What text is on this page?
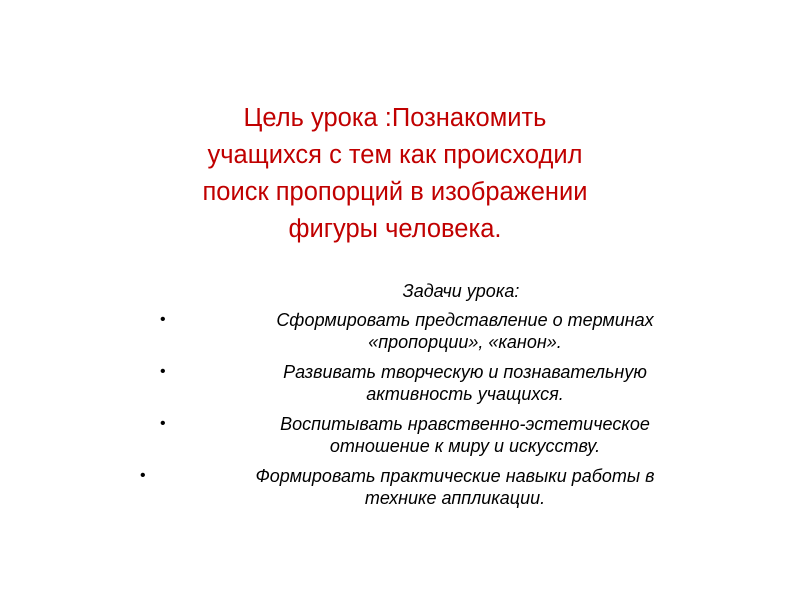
Цель урока :Познакомить
учащихся с тем как происходил
поиск пропорций в изображении
фигуры человека.
Задачи урока:
•	Сформировать представление о терминах
«пропорции», «канон».
•	Развивать творческую и познавательную
активность учащихся.
•	Воспитывать нравственно-эстетическое
отношение к миру и искусству.
•	Формировать практические навыки работы в
технике аппликации.
